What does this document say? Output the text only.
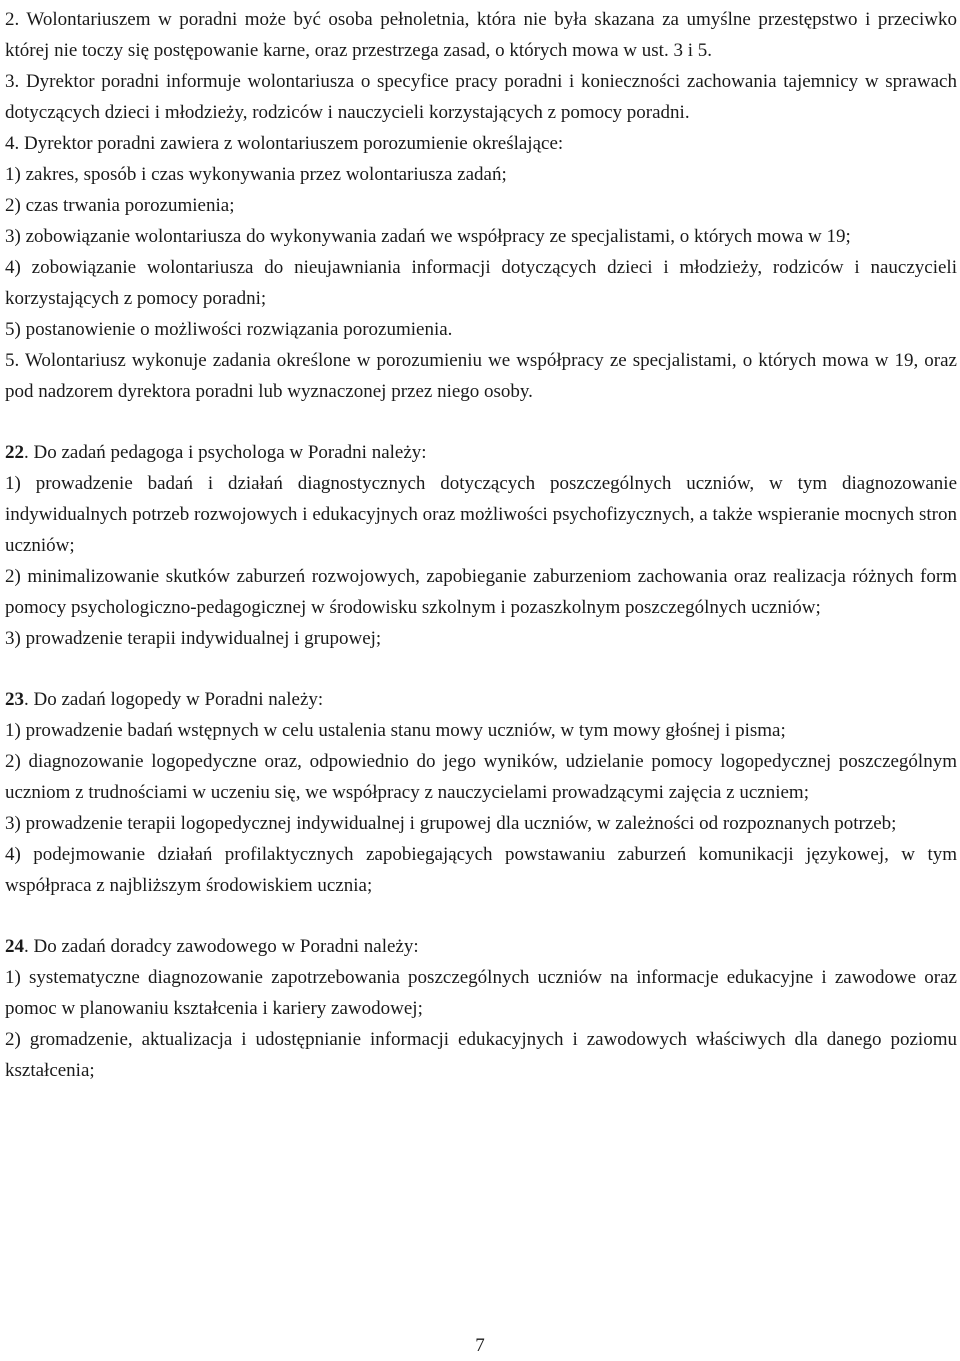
2. Wolontariuszem w poradni może być osoba pełnoletnia, która nie była skazana za umyślne przestępstwo i przeciwko której nie toczy się postępowanie karne, oraz przestrzega zasad, o których mowa w ust. 3 i 5.

3. Dyrektor poradni informuje wolontariusza o specyfice pracy poradni i konieczności zachowania tajemnicy w sprawach dotyczących dzieci i młodzieży, rodziców i nauczycieli korzystających z pomocy poradni.

4. Dyrektor poradni zawiera z wolontariuszem porozumienie określające:

1) zakres, sposób i czas wykonywania przez wolontariusza zadań;

2) czas trwania porozumienia;

3) zobowiązanie wolontariusza do wykonywania zadań we współpracy ze specjalistami, o których mowa w 19;

4) zobowiązanie wolontariusza do nieujawniania informacji dotyczących dzieci i młodzieży, rodziców i nauczycieli korzystających z pomocy poradni;

5) postanowienie o możliwości rozwiązania porozumienia.

5. Wolontariusz wykonuje zadania określone w porozumieniu we współpracy ze specjalistami, o których mowa w 19, oraz pod nadzorem dyrektora poradni lub wyznaczonej przez niego osoby.

22. Do zadań pedagoga i psychologa w Poradni należy:

1) prowadzenie badań i działań diagnostycznych dotyczących poszczególnych uczniów, w tym diagnozowanie indywidualnych potrzeb rozwojowych i edukacyjnych oraz możliwości psychofizycznych, a także wspieranie mocnych stron uczniów;

2) minimalizowanie skutków zaburzeń rozwojowych, zapobieganie zaburzeniom zachowania oraz realizacja różnych form pomocy psychologiczno-pedagogicznej w środowisku szkolnym i pozaszkolnym poszczególnych uczniów;

3) prowadzenie terapii indywidualnej i grupowej;

23. Do zadań logopedy w Poradni należy:

1) prowadzenie badań wstępnych w celu ustalenia stanu mowy uczniów, w tym mowy głośnej i pisma;

2) diagnozowanie logopedyczne oraz, odpowiednio do jego wyników, udzielanie pomocy logopedycznej poszczególnym uczniom z trudnościami w uczeniu się, we współpracy z nauczycielami prowadzącymi zajęcia z uczniem;

3) prowadzenie terapii logopedycznej indywidualnej i grupowej dla uczniów, w zależności od rozpoznanych potrzeb;

4) podejmowanie działań profilaktycznych zapobiegających powstawaniu zaburzeń komunikacji językowej, w tym współpraca z najbliższym środowiskiem ucznia;

24. Do zadań doradcy zawodowego w Poradni należy:

1) systematyczne diagnozowanie zapotrzebowania poszczególnych uczniów na informacje edukacyjne i zawodowe oraz pomoc w planowaniu kształcenia i kariery zawodowej;

2) gromadzenie, aktualizacja i udostępnianie informacji edukacyjnych i zawodowych właściwych dla danego poziomu kształcenia;

7
